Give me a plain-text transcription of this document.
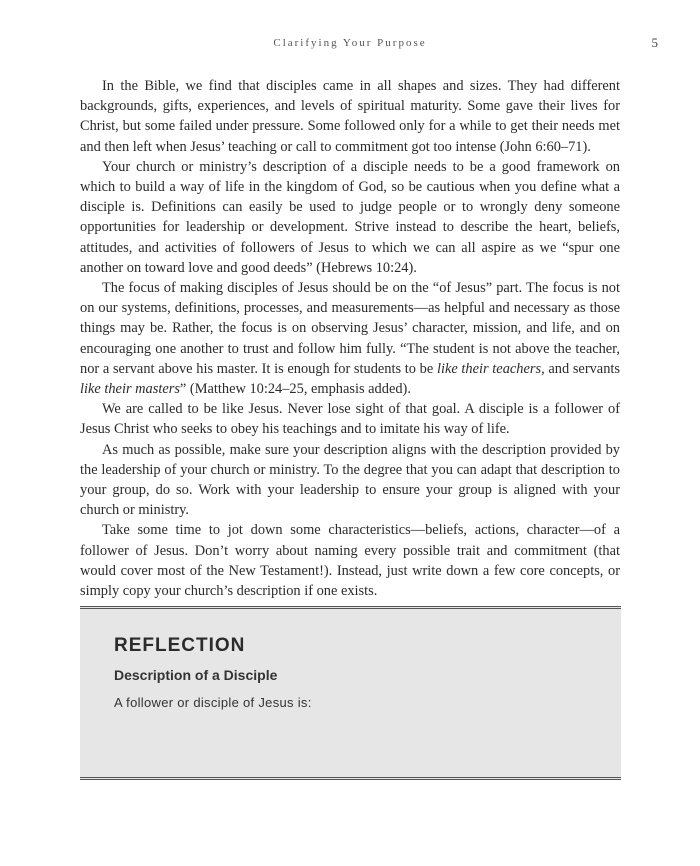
Clarifying Your Purpose	5

In the Bible, we find that disciples came in all shapes and sizes. They had different backgrounds, gifts, experiences, and levels of spiritual maturity. Some gave their lives for Christ, but some failed under pressure. Some followed only for a while to get their needs met and then left when Jesus’ teaching or call to commitment got too intense (John 6:60–71).

Your church or ministry’s description of a disciple needs to be a good framework on which to build a way of life in the kingdom of God, so be cautious when you define what a disciple is. Definitions can easily be used to judge people or to wrongly deny someone opportunities for leadership or development. Strive instead to describe the heart, beliefs, attitudes, and activities of followers of Jesus to which we can all aspire as we “spur one another on toward love and good deeds” (Hebrews 10:24).

The focus of making disciples of Jesus should be on the “of Jesus” part. The focus is not on our systems, definitions, processes, and measurements—as helpful and necessary as those things may be. Rather, the focus is on observing Jesus’ character, mission, and life, and on encouraging one another to trust and follow him fully. “The student is not above the teacher, nor a servant above his master. It is enough for students to be like their teachers, and servants like their masters” (Matthew 10:24–25, emphasis added).

We are called to be like Jesus. Never lose sight of that goal. A disciple is a follower of Jesus Christ who seeks to obey his teachings and to imitate his way of life.

As much as possible, make sure your description aligns with the description provided by the leadership of your church or ministry. To the degree that you can adapt that description to your group, do so. Work with your leadership to ensure your group is aligned with your church or ministry.

Take some time to jot down some characteristics—beliefs, actions, character—of a follower of Jesus. Don’t worry about naming every possible trait and commitment (that would cover most of the New Testament!). Instead, just write down a few core concepts, or simply copy your church’s description if one exists.

REFLECTION
Description of a Disciple

A follower or disciple of Jesus is:
